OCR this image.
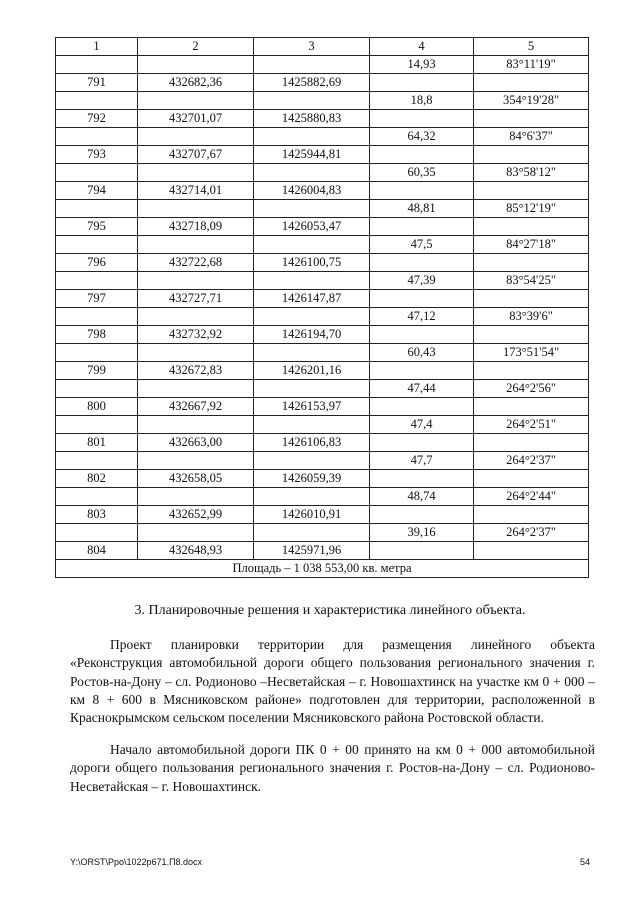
1	2	3	4	5
			14,93	83°11'19"
791	432682,36	1425882,69		
			18,8	354°19'28"
792	432701,07	1425880,83		
			64,32	84°6'37"
793	432707,67	1425944,81		
			60,35	83°58'12"
794	432714,01	1426004,83		
			48,81	85°12'19"
795	432718,09	1426053,47		
			47,5	84°27'18"
796	432722,68	1426100,75		
			47,39	83°54'25"
797	432727,71	1426147,87		
			47,12	83°39'6"
798	432732,92	1426194,70		
			60,43	173°51'54"
799	432672,83	1426201,16		
			47,44	264°2'56"
800	432667,92	1426153,97		
			47,4	264°2'51"
801	432663,00	1426106,83		
			47,7	264°2'37"
802	432658,05	1426059,39		
			48,74	264°2'44"
803	432652,99	1426010,91		
			39,16	264°2'37"
804	432648,93	1425971,96		
Площадь – 1 038 553,00 кв. метра				
3. Планировочные решения и характеристика линейного объекта.

Проект планировки территории для размещения линейного объекта «Реконструкция автомобильной дороги общего пользования регионального значения г. Ростов-на-Дону – сл. Родионово –Несветайская – г. Новошахтинск на участке км 0 + 000 – км 8 + 600 в Мясниковском районе» подготовлен для территории, расположенной в Краснокрымском сельском поселении Мясниковского района Ростовской области.

Начало автомобильной дороги ПК 0 + 00 принято на км 0 + 000 автомобильной дороги общего пользования регионального значения г. Ростов-на-Дону – сл. Родионово-Несветайская – г. Новошахтинск.

Y:\ORST\Ppo\1022p671.П8.docx	54
